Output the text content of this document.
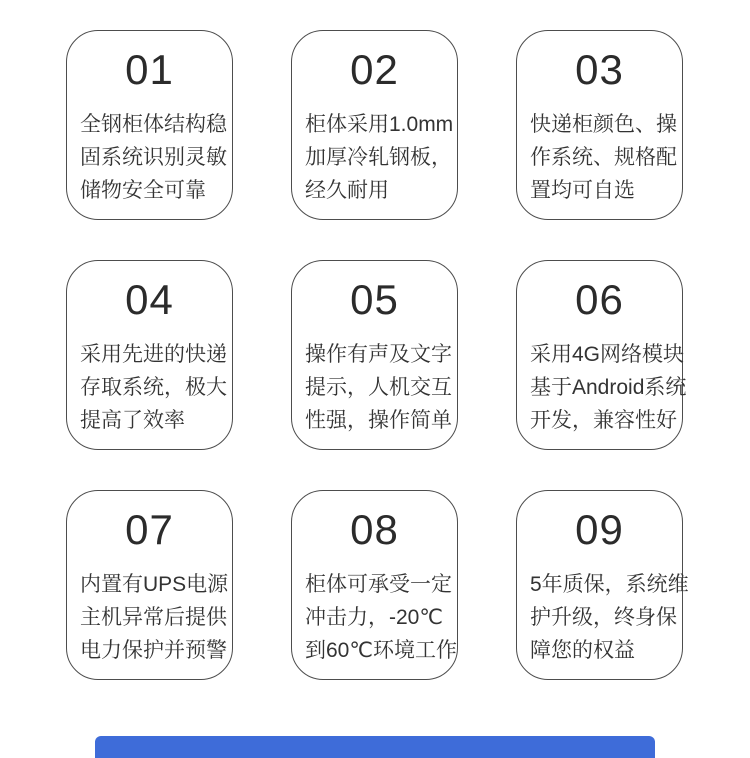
01
全钢柜体结构稳
固系统识别灵敏
储物安全可靠
02
柜体采用1.0mm
加厚冷轧钢板，
经久耐用
03
快递柜颜色、操
作系统、规格配
置均可自选
04
采用先进的快递
存取系统，极大
提高了效率
05
操作有声及文字
提示，人机交互
性强，操作简单
06
采用4G网络模块
基于Android系统
开发，兼容性好
07
内置有UPS电源
主机异常后提供
电力保护并预警
08
柜体可承受一定
冲击力，-20℃
到60℃环境工作
09
5年质保，系统维
护升级，终身保
障您的权益
